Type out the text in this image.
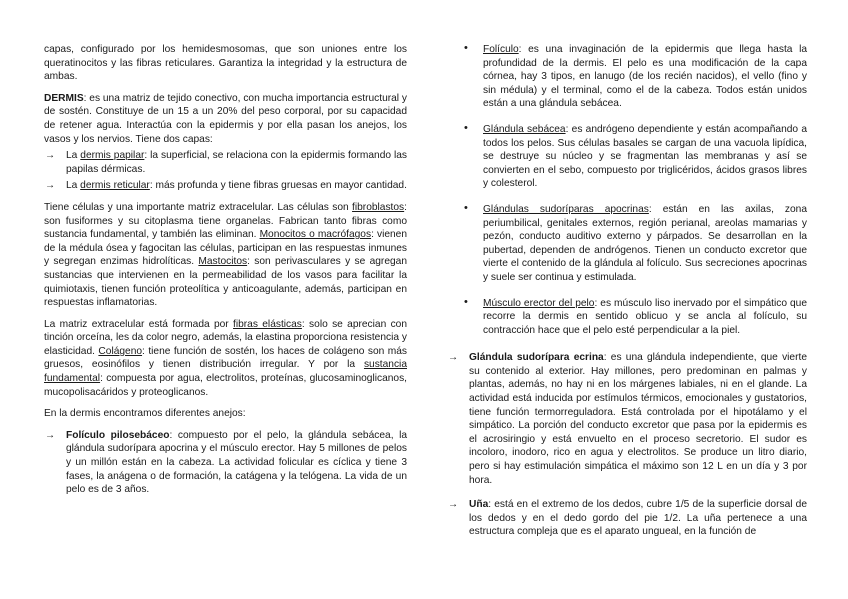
capas, configurado por los hemidesmosomas, que son uniones entre los queratinocitos y las fibras reticulares. Garantiza la integridad y la estructura de ambas.

DERMIS: es una matriz de tejido conectivo, con mucha importancia estructural y de sostén. Constituye de un 15 a un 20% del peso corporal, por su capacidad de retener agua. Interactúa con la epidermis y por ella pasan los anejos, los vasos y los nervios. Tiene dos capas:

→ La dermis papilar: la superficial, se relaciona con la epidermis formando las papilas dérmicas.
→ La dermis reticular: más profunda y tiene fibras gruesas en mayor cantidad.

Tiene células y una importante matriz extracelular. Las células son fibroblastos: son fusiformes y su citoplasma tiene organelas. Fabrican tanto fibras como sustancia fundamental, y también las eliminan. Monocitos o macrófagos: vienen de la médula ósea y fagocitan las células, participan en las respuestas inmunes y segregan enzimas hidrolíticas. Mastocitos: son perivasculares y se agregan sustancias que intervienen en la permeabilidad de los vasos para facilitar la quimiotaxis, tienen función proteolítica y anticoagulante, además, participan en respuestas inflamatorias.

La matriz extracelular está formada por fibras elásticas: solo se aprecian con tinción orceína, les da color negro, además, la elastina proporciona resistencia y elasticidad. Colágeno: tiene función de sostén, los haces de colágeno son más gruesos, eosinófilos y tienen distribución irregular. Y por la sustancia fundamental: compuesta por agua, electrolitos, proteínas, glucosaminoglicanos, mucopolisacáridos y proteoglicanos.

En la dermis encontramos diferentes anejos:

→ Folículo pilosebáceo: compuesto por el pelo, la glándula sebácea, la glándula sudorípara apocrina y el músculo erector. Hay 5 millones de pelos y un millón están en la cabeza. La actividad folicular es cíclica y tiene 3 fases, la anágena o de formación, la catágena y la telógena. La vida de un pelo es de 3 años.
• Folículo: es una invaginación de la epidermis que llega hasta la profundidad de la dermis. El pelo es una modificación de la capa córnea, hay 3 tipos, en lanugo (de los recién nacidos), el vello (fino y sin médula) y el terminal, como el de la cabeza. Todos están unidos están a una glándula sebácea.
• Glándula sebácea: es andrógeno dependiente y están acompañando a todos los pelos. Sus células basales se cargan de una vacuola lipídica, se destruye su núcleo y se fragmentan las membranas y así se convierten en el sebo, compuesto por triglicéridos, ácidos grasos libres y colesterol.
• Glándulas sudoríparas apocrinas: están en las axilas, zona periumbilical, genitales externos, región perianal, areolas mamarias y pezón, conducto auditivo externo y párpados. Se desarrollan en la pubertad, dependen de andrógenos. Tienen un conducto excretor que vierte el contenido de la glándula al folículo. Sus secreciones apocrinas y suele ser continua y estimulada.
• Músculo erector del pelo: es músculo liso inervado por el simpático que recorre la dermis en sentido oblicuo y se ancla al folículo, su contracción hace que el pelo esté perpendicular a la piel.
→ Glándula sudorípara ecrina: es una glándula independiente, que vierte su contenido al exterior. Hay millones, pero predominan en palmas y plantas, además, no hay ni en los márgenes labiales, ni en el glande. La actividad está inducida por estímulos térmicos, emocionales y gustatorios, tiene función termorreguladora. Está controlada por el hipotálamo y el simpático. La porción del conducto excretor que pasa por la epidermis es el acrosiringio y está envuelto en el proceso secretorio. El sudor es incoloro, inodoro, rico en agua y electrolitos. Se produce un litro diario, pero si hay estimulación simpática el máximo son 12 L en un día y 3 por hora.
→ Uña: está en el extremo de los dedos, cubre 1/5 de la superficie dorsal de los dedos y en el dedo gordo del pie 1/2. La uña pertenece a una estructura compleja que es el aparato ungueal, en la función de
